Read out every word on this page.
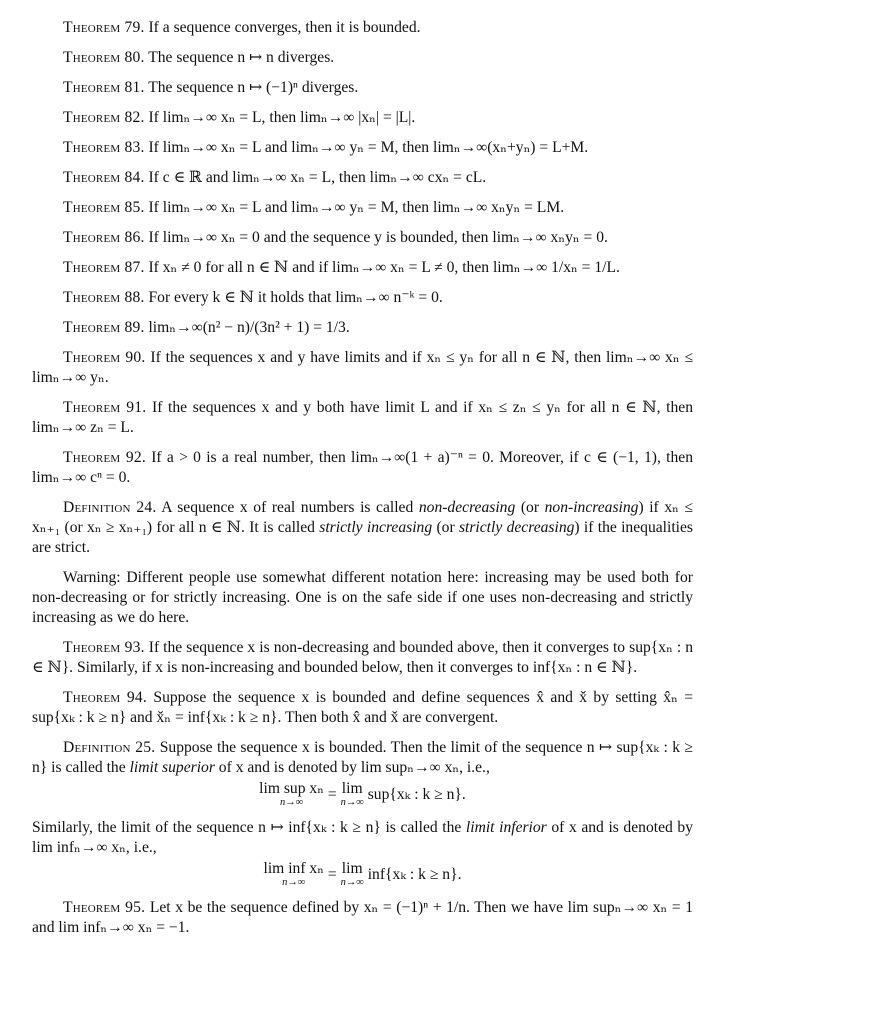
Theorem 79. If a sequence converges, then it is bounded.

Theorem 80. The sequence n ↦ n diverges.

Theorem 81. The sequence n ↦ (−1)ⁿ diverges.

Theorem 82. If limₙ→∞ xₙ = L, then limₙ→∞ |xₙ| = |L|.

Theorem 83. If limₙ→∞ xₙ = L and limₙ→∞ yₙ = M, then limₙ→∞(xₙ+yₙ) = L+M.

Theorem 84. If c ∈ ℝ and limₙ→∞ xₙ = L, then limₙ→∞ cxₙ = cL.

Theorem 85. If limₙ→∞ xₙ = L and limₙ→∞ yₙ = M, then limₙ→∞ xₙyₙ = LM.

Theorem 86. If limₙ→∞ xₙ = 0 and the sequence y is bounded, then limₙ→∞ xₙyₙ = 0.

Theorem 87. If xₙ ≠ 0 for all n ∈ ℕ and if limₙ→∞ xₙ = L ≠ 0, then limₙ→∞ 1/xₙ = 1/L.

Theorem 88. For every k ∈ ℕ it holds that limₙ→∞ n⁻ᵏ = 0.

Theorem 89. limₙ→∞(n² − n)/(3n² + 1) = 1/3.

Theorem 90. If the sequences x and y have limits and if xₙ ≤ yₙ for all n ∈ ℕ, then limₙ→∞ xₙ ≤ limₙ→∞ yₙ.

Theorem 91. If the sequences x and y both have limit L and if xₙ ≤ zₙ ≤ yₙ for all n ∈ ℕ, then limₙ→∞ zₙ = L.

Theorem 92. If a > 0 is a real number, then limₙ→∞(1 + a)⁻ⁿ = 0. Moreover, if c ∈ (−1, 1), then limₙ→∞ cⁿ = 0.

Definition 24. A sequence x of real numbers is called non-decreasing (or non-increasing) if xₙ ≤ xₙ₊₁ (or xₙ ≥ xₙ₊₁) for all n ∈ ℕ. It is called strictly increasing (or strictly decreasing) if the inequalities are strict.

Warning: Different people use somewhat different notation here: increasing may be used both for non-decreasing or for strictly increasing. One is on the safe side if one uses non-decreasing and strictly increasing as we do here.

Theorem 93. If the sequence x is non-decreasing and bounded above, then it converges to sup{xₙ : n ∈ ℕ}. Similarly, if x is non-increasing and bounded below, then it converges to inf{xₙ : n ∈ ℕ}.

Theorem 94. Suppose the sequence x is bounded and define sequences x̂ and x̌ by setting x̂ₙ = sup{xₖ : k ≥ n} and x̌ₙ = inf{xₖ : k ≥ n}. Then both x̂ and x̌ are convergent.

Definition 25. Suppose the sequence x is bounded. Then the limit of the sequence n ↦ sup{xₖ : k ≥ n} is called the limit superior of x and is denoted by lim supₙ→∞ xₙ, i.e.,

lim sup xₙ
n→∞	= lim
n→∞ sup{xₖ : k ≥ n}.

Similarly, the limit of the sequence n ↦ inf{xₖ : k ≥ n} is called the limit inferior of x and is denoted by lim infₙ→∞ xₙ, i.e.,

lim inf xₙ
n→∞	= lim
n→∞ inf{xₖ : k ≥ n}.

Theorem 95. Let x be the sequence defined by xₙ = (−1)ⁿ + 1/n. Then we have lim supₙ→∞ xₙ = 1 and lim infₙ→∞ xₙ = −1.
